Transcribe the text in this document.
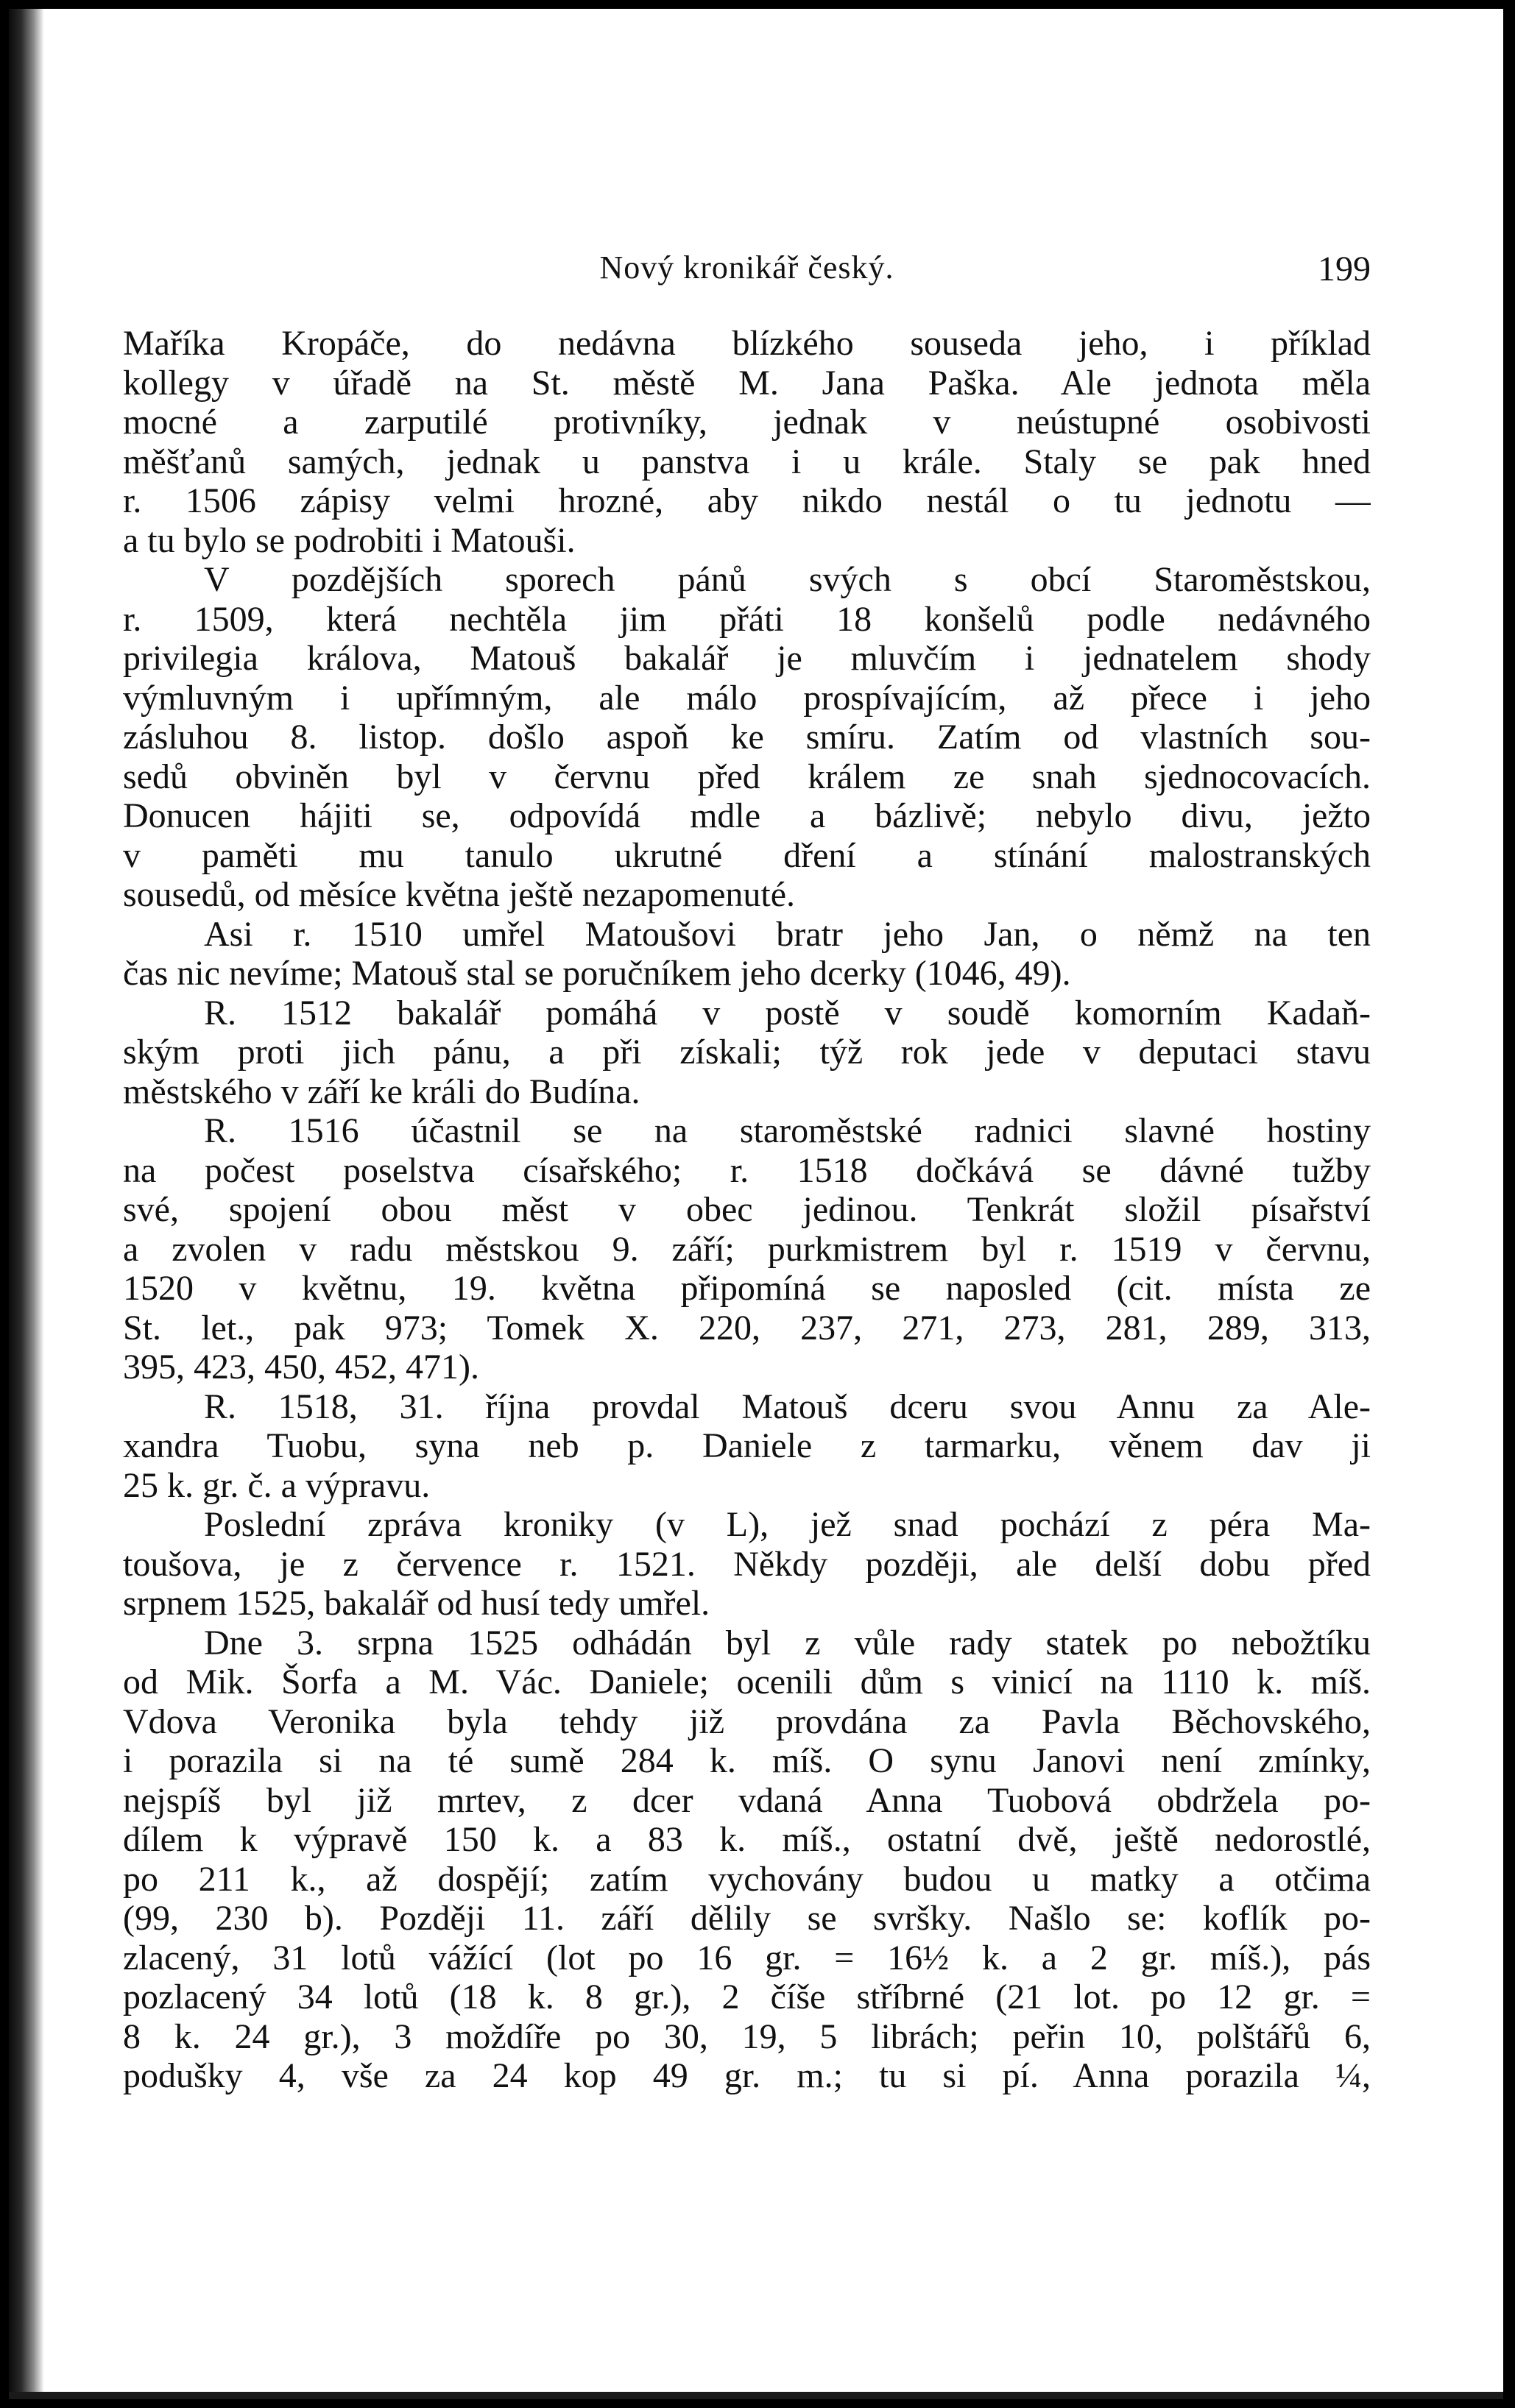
Nový kronikář český.	199
Maříka Kropáče, do nedávna blízkého souseda jeho, i příklad
kollegy v úřadě na St. městě M. Jana Paška. Ale jednota měla
mocné a zarputilé protivníky, jednak v neústupné osobivosti
měšťanů samých, jednak u panstva i u krále. Staly se pak hned
r. 1506 zápisy velmi hrozné, aby nikdo nestál o tu jednotu —
a tu bylo se podrobiti i Matouši.
V pozdějších sporech pánů svých s obcí Staroměstskou,
r. 1509, která nechtěla jim přáti 18 konšelů podle nedávného
privilegia králova, Matouš bakalář je mluvčím i jednatelem shody
výmluvným i upřímným, ale málo prospívajícím, až přece i jeho
zásluhou 8. listop. došlo aspoň ke smíru. Zatím od vlastních sou-
sedů obviněn byl v červnu před králem ze snah sjednocovacích.
Donucen hájiti se, odpovídá mdle a bázlivě; nebylo divu, ježto
v paměti mu tanulo ukrutné dření a stínání malostranských
sousedů, od měsíce května ještě nezapomenuté.
Asi r. 1510 umřel Matoušovi bratr jeho Jan, o němž na ten
čas nic nevíme; Matouš stal se poručníkem jeho dcerky (1046, 49).
R. 1512 bakalář pomáhá v postě v soudě komorním Kadaň-
ským proti jich pánu, a při získali; týž rok jede v deputaci stavu
městského v září ke králi do Budína.
R. 1516 účastnil se na staroměstské radnici slavné hostiny
na počest poselstva císařského; r. 1518 dočkává se dávné tužby
své, spojení obou měst v obec jedinou. Tenkrát složil písařství
a zvolen v radu městskou 9. září; purkmistrem byl r. 1519 v červnu,
1520 v květnu, 19. května připomíná se naposled (cit. místa ze
St. let., pak 973; Tomek X. 220, 237, 271, 273, 281, 289, 313,
395, 423, 450, 452, 471).
R. 1518, 31. října provdal Matouš dceru svou Annu za Ale-
xandra Tuobu, syna neb p. Daniele z tarmarku, věnem dav ji
25 k. gr. č. a výpravu.
Poslední zpráva kroniky (v L), jež snad pochází z péra Ma-
toušova, je z července r. 1521. Někdy později, ale delší dobu před
srpnem 1525, bakalář od husí tedy umřel.
Dne 3. srpna 1525 odhádán byl z vůle rady statek po nebožtíku
od Mik. Šorfa a M. Vác. Daniele; ocenili dům s vinicí na 1110 k. míš.
Vdova Veronika byla tehdy již provdána za Pavla Běchovského,
i porazila si na té sumě 284 k. míš. O synu Janovi není zmínky,
nejspíš byl již mrtev, z dcer vdaná Anna Tuobová obdržela po-
dílem k výpravě 150 k. a 83 k. míš., ostatní dvě, ještě nedorostlé,
po 211 k., až dospějí; zatím vychovány budou u matky a otčima
(99, 230 b). Později 11. září dělily se svršky. Našlo se: koflík po-
zlacený, 31 lotů vážící (lot po 16 gr. = 16½ k. a 2 gr. míš.), pás
pozlacený 34 lotů (18 k. 8 gr.), 2 číše stříbrné (21 lot. po 12 gr. =
8 k. 24 gr.), 3 moždíře po 30, 19, 5 librách; peřin 10, polštářů 6,
podušky 4, vše za 24 kop 49 gr. m.; tu si pí. Anna porazila ¼,
